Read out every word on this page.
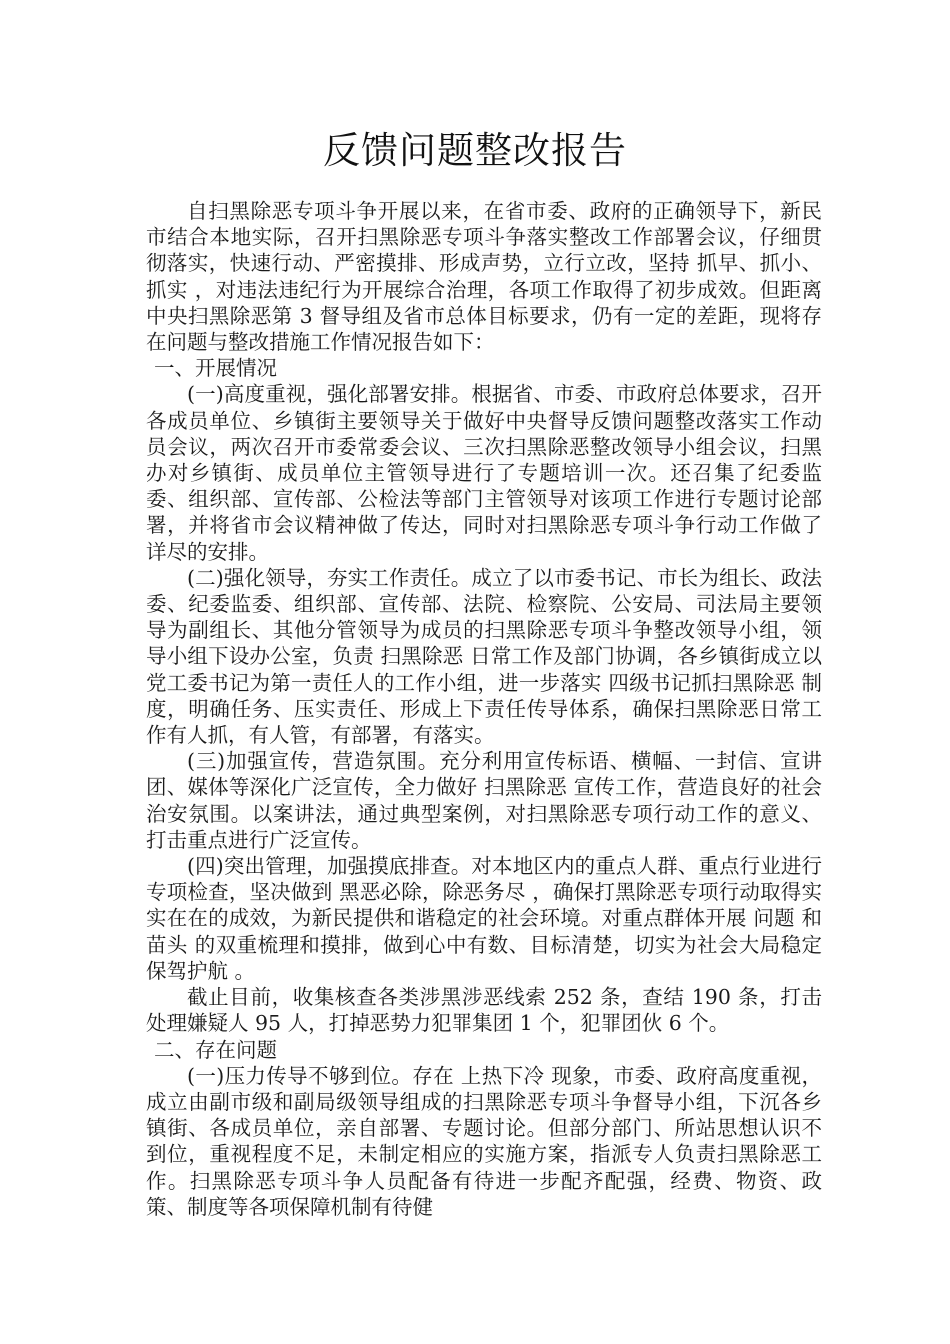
反馈问题整改报告

自扫黑除恶专项斗争开展以来，在省市委、政府的正确领导下，新民市结合本地实际，召开扫黑除恶专项斗争落实整改工作部署会议，仔细贯彻落实，快速行动、严密摸排、形成声势，立行立改，坚持 抓早、抓小、抓实 ，对违法违纪行为开展综合治理，各项工作取得了初步成效。但距离中央扫黑除恶第 3 督导组及省市总体目标要求，仍有一定的差距，现将存在问题与整改措施工作情况报告如下：

一、开展情况

(一)高度重视，强化部署安排。根据省、市委、市政府总体要求，召开各成员单位、乡镇街主要领导关于做好中央督导反馈问题整改落实工作动员会议，两次召开市委常委会议、三次扫黑除恶整改领导小组会议，扫黑办对乡镇街、成员单位主管领导进行了专题培训一次。还召集了纪委监委、组织部、宣传部、公检法等部门主管领导对该项工作进行专题讨论部署，并将省市会议精神做了传达，同时对扫黑除恶专项斗争行动工作做了详尽的安排。

(二)强化领导，夯实工作责任。成立了以市委书记、市长为组长、政法委、纪委监委、组织部、宣传部、法院、检察院、公安局、司法局主要领导为副组长、其他分管领导为成员的扫黑除恶专项斗争整改领导小组，领导小组下设办公室，负责 扫黑除恶 日常工作及部门协调，各乡镇街成立以党工委书记为第一责任人的工作小组，进一步落实 四级书记抓扫黑除恶 制度，明确任务、压实责任、形成上下责任传导体系，确保扫黑除恶日常工作有人抓，有人管，有部署，有落实。

(三)加强宣传，营造氛围。充分利用宣传标语、横幅、一封信、宣讲团、媒体等深化广泛宣传，全力做好 扫黑除恶 宣传工作，营造良好的社会治安氛围。以案讲法，通过典型案例，对扫黑除恶专项行动工作的意义、打击重点进行广泛宣传。

(四)突出管理，加强摸底排查。对本地区内的重点人群、重点行业进行专项检查，坚决做到 黑恶必除，除恶务尽 ，确保打黑除恶专项行动取得实实在在的成效，为新民提供和谐稳定的社会环境。对重点群体开展 问题 和 苗头 的双重梳理和摸排，做到心中有数、目标清楚，切实为社会大局稳定 保驾护航 。

截止目前，收集核查各类涉黑涉恶线索 252 条，查结 190 条，打击处理嫌疑人 95 人，打掉恶势力犯罪集团 1 个，犯罪团伙 6 个。

二、存在问题

(一)压力传导不够到位。存在 上热下冷 现象，市委、政府高度重视，成立由副市级和副局级领导组成的扫黑除恶专项斗争督导小组，下沉各乡镇街、各成员单位，亲自部署、专题讨论。但部分部门、所站思想认识不到位，重视程度不足，未制定相应的实施方案，指派专人负责扫黑除恶工作。扫黑除恶专项斗争人员配备有待进一步配齐配强，经费、物资、政策、制度等各项保障机制有待健
